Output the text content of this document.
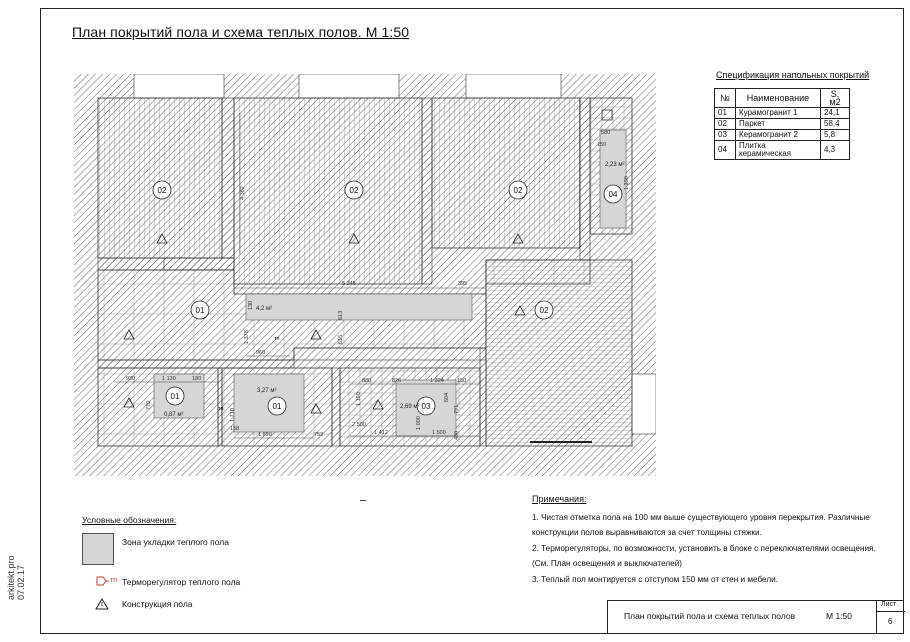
План покрытий пола и схема теплых полов. М 1:50
arkitekt.pro 07.02.17
Спецификация напольных покрытий
№	Наименование	S, м2
01	Курамогранит 1	24,1
02	Паркет	58,4
03	Керамогранит 2	5,8
04	Плитка керамическая	4,3
02	02	02
02
01
01
01	03
04
4,2 м²
3,27 м²
0,87 м²
2,69 м²
2,23 м²
5 345	395
4 362
960
1 378	615
130
613
930	1 130	180
770
880	826	1 324 150
1 890	753
158
1 710
1 412	1 500
2 500
791
480
580
150
1 330
1 190	604
1 000
тп
тп
Примечания:
1. Чистая отметка пола на 100 мм выше существующего уровня перекрытия. Различные
конструкции полов выравниваются за счет толщины стяжки.
2. Терморегуляторы, по возможности, установить в блоке с переключателями освещения.
(См. План освещения и выключателей)
3. Теплый пол монтируется с отступом 150 мм от стен и мебели.
Условные обозначения:
Зона укладки теплого пола
тп Терморегулятор теплого пола
Конструкция пола
План покрытий пола и схема теплых полов	М 1:50
Лист
6
